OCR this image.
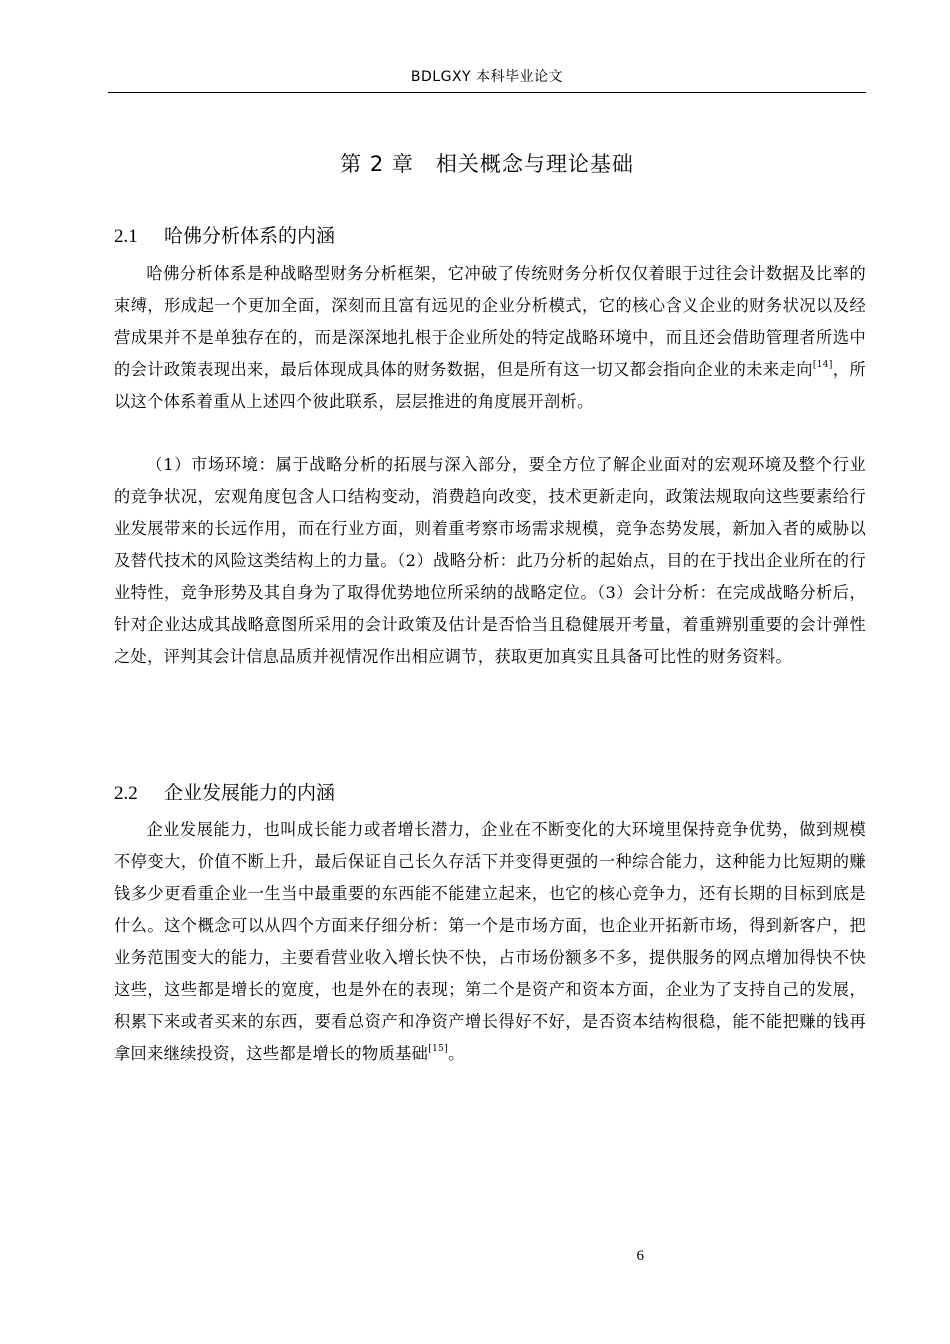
BDLGXY 本科毕业论文
第 2 章　相关概念与理论基础
2.1 哈佛分析体系的内涵
哈佛分析体系是种战略型财务分析框架，它冲破了传统财务分析仅仅着眼于过往会计数据及比率的束缚，形成起一个更加全面，深刻而且富有远见的企业分析模式，它的核心含义企业的财务状况以及经营成果并不是单独存在的，而是深深地扎根于企业所处的特定战略环境中，而且还会借助管理者所选中的会计政策表现出来，最后体现成具体的财务数据，但是所有这一切又都会指向企业的未来走向[14]，所以这个体系着重从上述四个彼此联系，层层推进的角度展开剖析。
（1）市场环境：属于战略分析的拓展与深入部分，要全方位了解企业面对的宏观环境及整个行业的竞争状况，宏观角度包含人口结构变动，消费趋向改变，技术更新走向，政策法规取向这些要素给行业发展带来的长远作用，而在行业方面，则着重考察市场需求规模，竞争态势发展，新加入者的威胁以及替代技术的风险这类结构上的力量。（2）战略分析：此乃分析的起始点，目的在于找出企业所在的行业特性，竞争形势及其自身为了取得优势地位所采纳的战略定位。（3）会计分析：在完成战略分析后，针对企业达成其战略意图所采用的会计政策及估计是否恰当且稳健展开考量，着重辨别重要的会计弹性之处，评判其会计信息品质并视情况作出相应调节，获取更加真实且具备可比性的财务资料。
2.2 企业发展能力的内涵
企业发展能力，也叫成长能力或者增长潜力，企业在不断变化的大环境里保持竞争优势，做到规模不停变大，价值不断上升，最后保证自己长久存活下并变得更强的一种综合能力，这种能力比短期的赚钱多少更看重企业一生当中最重要的东西能不能建立起来，也它的核心竞争力，还有长期的目标到底是什么。这个概念可以从四个方面来仔细分析：第一个是市场方面，也企业开拓新市场，得到新客户，把业务范围变大的能力，主要看营业收入增长快不快，占市场份额多不多，提供服务的网点增加得快不快这些，这些都是增长的宽度，也是外在的表现；第二个是资产和资本方面，企业为了支持自己的发展，积累下来或者买来的东西，要看总资产和净资产增长得好不好，是否资本结构很稳，能不能把赚的钱再拿回来继续投资，这些都是增长的物质基础[15]。
6
